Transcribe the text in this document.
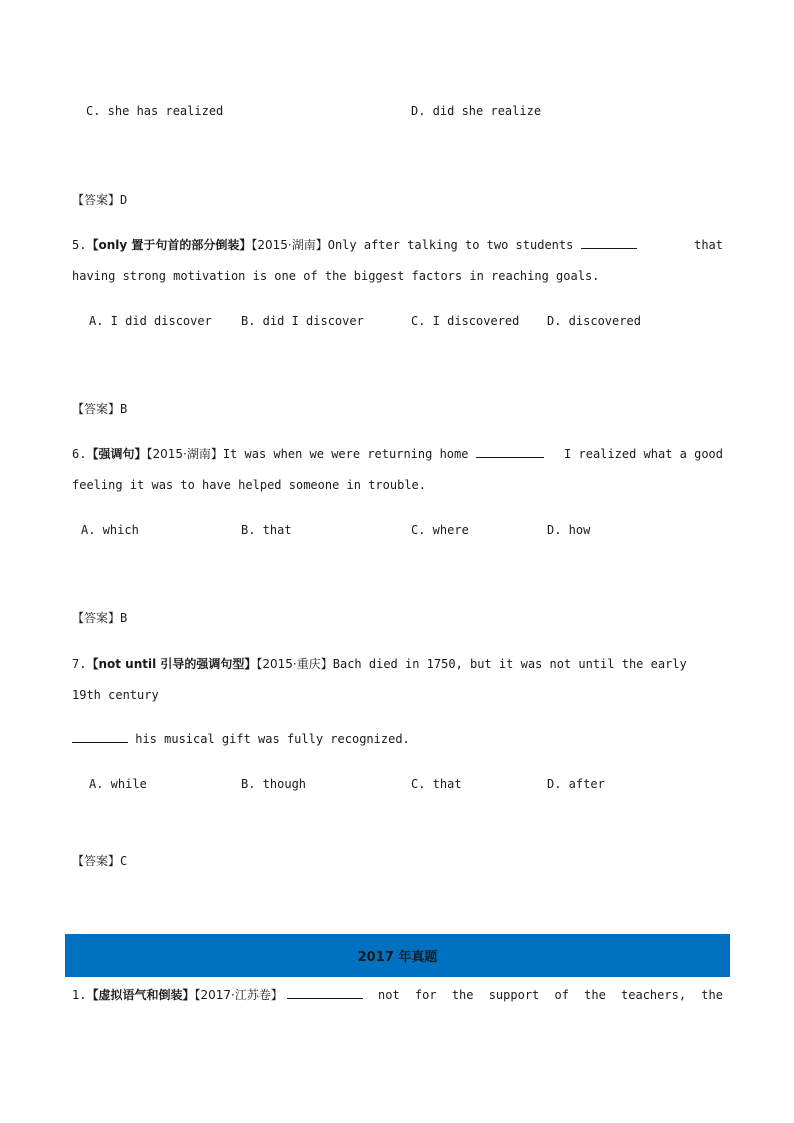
C. she has realized	D. did she realize
【答案】D
5.【only 置于句首的部分倒装】【2015·湖南】Only after talking to two students	that
having strong motivation is one of the biggest factors in reaching goals.
A. I did discover B. did I discover	C. I discovered D. discovered
【答案】B
6.【强调句】【2015·湖南】It was when we were returning home	I realized what a good
feeling it was to have helped someone in trouble.
A. which	B. that	C. where	D. how
【答案】B
7.【not until 引导的强调句型】【2015·重庆】Bach died in 1750, but it was not until the early
19th century
his musical gift was fully recognized.
A. while	B. though	C. that	D. after
【答案】C
2017 年真题
1.【虚拟语气和倒装】【2017·江苏卷】	not for the support of the teachers, the
